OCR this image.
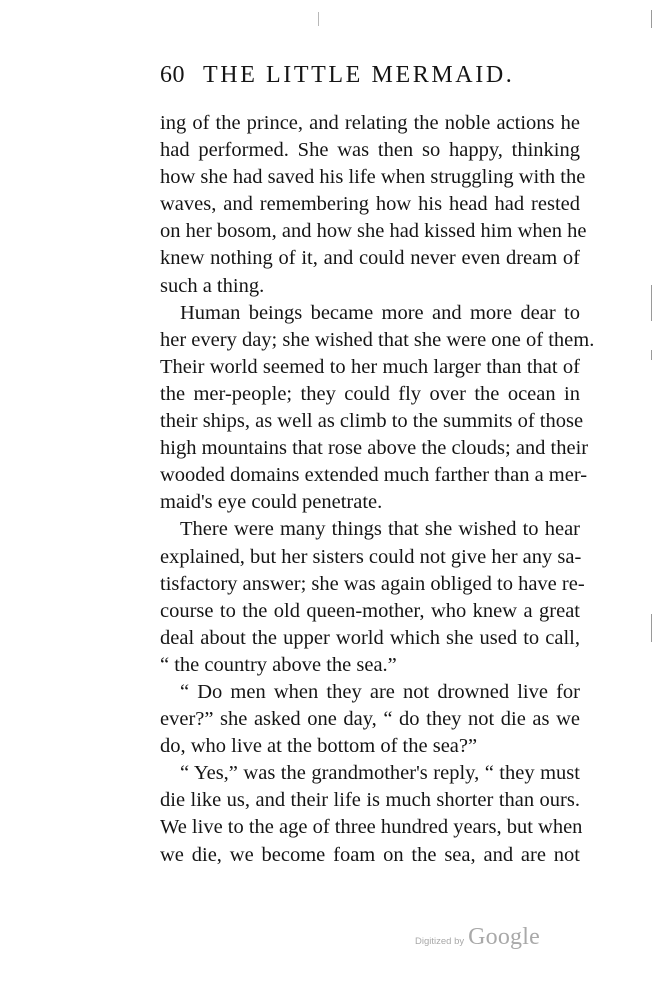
60 THE LITTLE MERMAID.
ing of the prince, and relating the noble actions he
had performed. She was then so happy, thinking
how she had saved his life when struggling with the
waves, and remembering how his head had rested
on her bosom, and how she had kissed him when he
knew nothing of it, and could never even dream of
such a thing.
Human beings became more and more dear to
her every day; she wished that she were one of them.
Their world seemed to her much larger than that of
the mer-people; they could fly over the ocean in
their ships, as well as climb to the summits of those
high mountains that rose above the clouds; and their
wooded domains extended much farther than a mer-
maid's eye could penetrate.
There were many things that she wished to hear
explained, but her sisters could not give her any sa-
tisfactory answer; she was again obliged to have re-
course to the old queen-mother, who knew a great
deal about the upper world which she used to call,
“ the country above the sea.”
“ Do men when they are not drowned live for
ever?” she asked one day, “ do they not die as we
do, who live at the bottom of the sea?”
“ Yes,” was the grandmother's reply, “ they must
die like us, and their life is much shorter than ours.
We live to the age of three hundred years, but when
we die, we become foam on the sea, and are not
Digitized by Google
